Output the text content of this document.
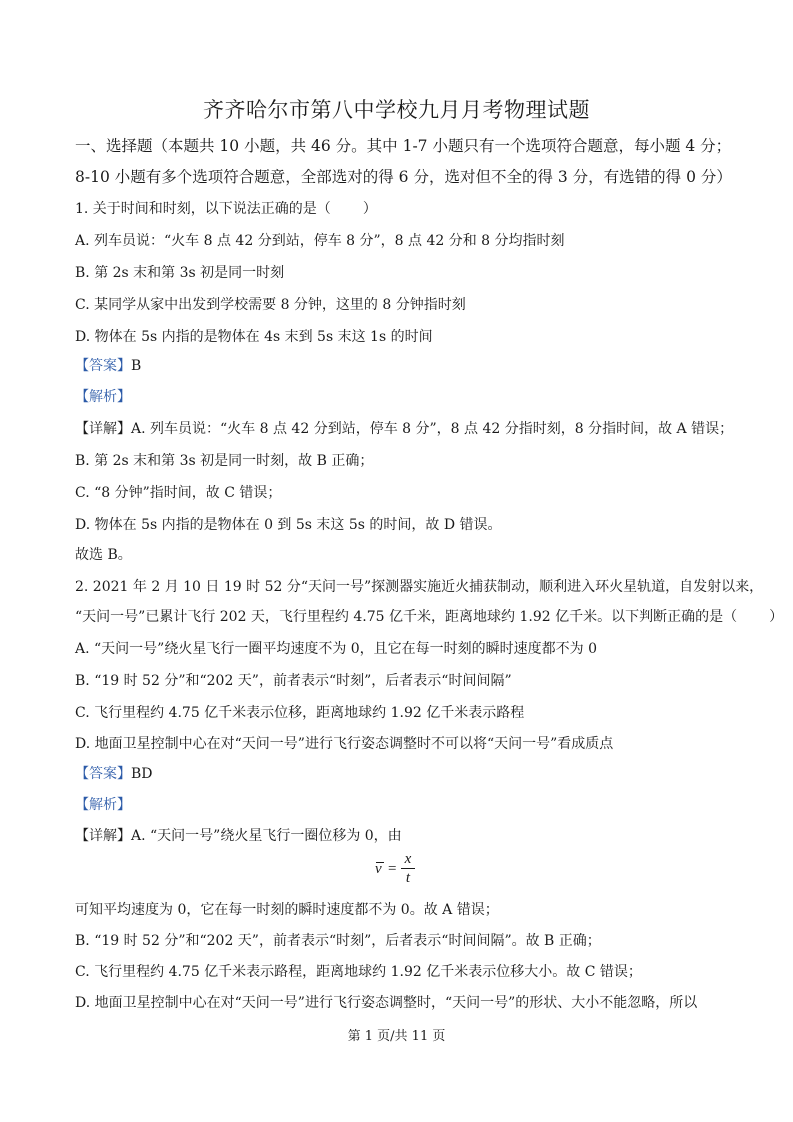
齐齐哈尔市第八中学校九月月考物理试题
一、选择题（本题共 10 小题，共 46 分。其中 1-7 小题只有一个选项符合题意，每小题 4 分；
8-10 小题有多个选项符合题意，全部选对的得 6 分，选对但不全的得 3 分，有选错的得 0 分）
1. 关于时间和时刻，以下说法正确的是（ ）
A. 列车员说：“火车 8 点 42 分到站，停车 8 分”，8 点 42 分和 8 分均指时刻
B. 第 2s 末和第 3s 初是同一时刻
C. 某同学从家中出发到学校需要 8 分钟，这里的 8 分钟指时刻
D. 物体在 5s 内指的是物体在 4s 末到 5s 末这 1s 的时间
【答案】B
【解析】
【详解】A. 列车员说：“火车 8 点 42 分到站，停车 8 分”，8 点 42 分指时刻，8 分指时间，故 A 错误；
B. 第 2s 末和第 3s 初是同一时刻，故 B 正确；
C. “8 分钟”指时间，故 C 错误；
D. 物体在 5s 内指的是物体在 0 到 5s 末这 5s 的时间，故 D 错误。
故选 B。
2. 2021 年 2 月 10 日 19 时 52 分“天问一号”探测器实施近火捕获制动，顺利进入环火星轨道，自发射以来，
“天问一号”已累计飞行 202 天，飞行里程约 4.75 亿千米，距离地球约 1.92 亿千米。以下判断正确的是（ ）
A. “天问一号”绕火星飞行一圈平均速度不为 0，且它在每一时刻的瞬时速度都不为 0
B. “19 时 52 分”和“202 天”，前者表示“时刻”，后者表示“时间间隔”
C. 飞行里程约 4.75 亿千米表示位移，距离地球约 1.92 亿千米表示路程
D. 地面卫星控制中心在对“天问一号”进行飞行姿态调整时不可以将“天问一号”看成质点
【答案】BD
【解析】
【详解】A. “天问一号”绕火星飞行一圈位移为 0，由
v =
x
t
可知平均速度为 0，它在每一时刻的瞬时速度都不为 0。故 A 错误；
B. “19 时 52 分”和“202 天”，前者表示“时刻”，后者表示“时间间隔”。故 B 正确；
C. 飞行里程约 4.75 亿千米表示路程，距离地球约 1.92 亿千米表示位移大小。故 C 错误；
D. 地面卫星控制中心在对“天问一号”进行飞行姿态调整时，“天问一号”的形状、大小不能忽略，所以
第 1 页/共 11 页
